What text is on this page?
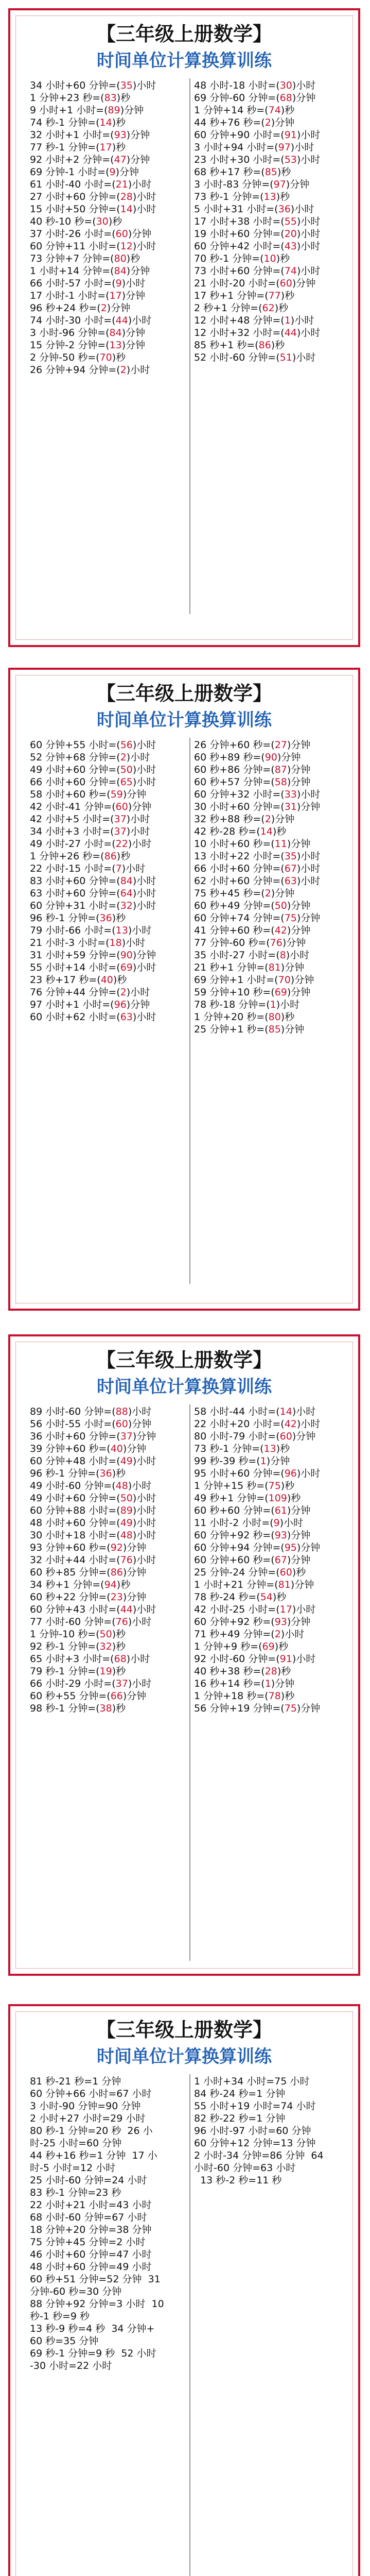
【三年级上册数学】
时间单位计算换算训练
34 小时+60 分钟=(35)小时
1 分钟+23 秒=(83)秒
9 小时+1 小时=(89)分钟
74 秒-1 分钟=(14)秒
32 小时+1 小时=(93)分钟
77 秒-1 分钟=(17)秒
92 小时+2 分钟=(47)分钟
69 分钟-1 小时=(9)分钟
61 小时-40 小时=(21)小时
27 小时+60 分钟=(28)小时
15 小时+50 分钟=(14)小时
40 秒-10 秒=(30)秒
37 小时-26 小时=(60)分钟
60 分钟+11 小时=(12)小时
73 分钟+7 分钟=(80)秒
1 小时+14 分钟=(84)分钟
66 小时-57 小时=(9)小时
17 小时-1 小时=(17)分钟
96 秒+24 秒=(2)分钟
74 小时-30 小时=(44)小时
3 小时-96 分钟=(84)分钟
15 分钟-2 分钟=(13)分钟
2 分钟-50 秒=(70)秒
26 分钟+94 分钟=(2)小时
48 小时-18 小时=(30)小时
69 分钟-60 分钟=(68)分钟
1 分钟+14 秒=(74)秒
44 秒+76 秒=(2)分钟
60 分钟+90 小时=(91)小时
3 小时+94 小时=(97)小时
23 小时+30 小时=(53)小时
68 秒+17 秒=(85)秒
3 小时-83 分钟=(97)分钟
73 秒-1 分钟=(13)秒
5 小时+31 小时=(36)小时
17 小时+38 小时=(55)小时
19 小时+60 分钟=(20)小时
60 分钟+42 小时=(43)小时
70 秒-1 分钟=(10)秒
73 小时+60 分钟=(74)小时
21 小时-20 小时=(60)分钟
17 秒+1 分钟=(77)秒
2 秒+1 分钟=(62)秒
12 小时+48 分钟=(1)小时
12 小时+32 小时=(44)小时
85 秒+1 秒=(86)秒
52 小时-60 分钟=(51)小时
【三年级上册数学】
时间单位计算换算训练
60 分钟+55 小时=(56)小时
52 分钟+68 分钟=(2)小时
49 小时+60 分钟=(50)小时
66 小时+60 分钟=(65)小时
58 小时+60 秒=(59)分钟
42 小时-41 分钟=(60)分钟
42 小时+5 小时=(37)小时
34 小时+3 小时=(37)小时
49 小时-27 小时=(22)小时
1 分钟+26 秒=(86)秒
22 小时-15 小时=(7)小时
83 小时+60 分钟=(84)小时
63 小时+60 分钟=(64)小时
60 分钟+31 小时=(32)小时
96 秒-1 分钟=(36)秒
79 小时-66 小时=(13)小时
21 小时-3 小时=(18)小时
31 小时+59 分钟=(90)分钟
55 小时+14 小时=(69)小时
23 秒+17 秒=(40)秒
76 分钟+44 分钟=(2)小时
97 小时+1 小时=(96)分钟
60 小时+62 小时=(63)小时
26 分钟+60 秒=(27)分钟
60 秒+89 秒=(90)分钟
60 秒+86 分钟=(87)分钟
60 秒+57 分钟=(58)分钟
60 分钟+32 小时=(33)小时
30 小时+60 分钟=(31)分钟
32 秒+88 秒=(2)分钟
42 秒-28 秒=(14)秒
10 小时+60 秒=(11)分钟
13 小时+22 小时=(35)小时
66 小时+60 分钟=(67)小时
62 小时+60 分钟=(63)小时
75 秒+45 秒=(2)分钟
60 秒+49 分钟=(50)分钟
60 分钟+74 分钟=(75)分钟
41 分钟+60 秒=(42)分钟
77 分钟-60 秒=(76)分钟
35 小时-27 小时=(8)小时
21 秒+1 分钟=(81)分钟
69 分钟+1 小时=(70)分钟
59 分钟+10 秒=(69)分钟
78 秒-18 分钟=(1)小时
1 分钟+20 秒=(80)秒
25 分钟+1 秒=(85)分钟
【三年级上册数学】
时间单位计算换算训练
89 小时-60 分钟=(88)小时
56 小时-55 小时=(60)分钟
36 小时+60 分钟=(37)分钟
39 分钟+60 秒=(40)分钟
60 分钟+48 小时=(49)小时
96 秒-1 分钟=(36)秒
49 小时-60 分钟=(48)小时
49 小时+60 分钟=(50)小时
60 分钟+88 小时=(89)小时
48 小时+60 分钟=(49)小时
30 小时+18 小时=(48)小时
93 分钟+60 秒=(92)分钟
32 小时+44 小时=(76)小时
60 秒+85 分钟=(86)分钟
34 秒+1 分钟=(94)秒
60 秒+22 分钟=(23)分钟
60 分钟+43 小时=(44)小时
77 小时-60 分钟=(76)小时
1 分钟-10 秒=(50)秒
92 秒-1 分钟=(32)秒
65 小时+3 小时=(68)小时
79 秒-1 分钟=(19)秒
66 小时-29 小时=(37)小时
60 秒+55 分钟=(66)分钟
98 秒-1 分钟=(38)秒
58 小时-44 小时=(14)小时
22 小时+20 小时=(42)小时
80 小时-79 小时=(60)分钟
73 秒-1 分钟=(13)秒
99 秒-39 秒=(1)分钟
95 小时+60 分钟=(96)小时
1 分钟+15 秒=(75)秒
49 秒+1 分钟=(109)秒
60 秒+60 分钟=(61)分钟
11 小时-2 小时=(9)小时
60 分钟+92 秒=(93)分钟
60 分钟+94 分钟=(95)分钟
60 分钟+60 秒=(67)分钟
25 分钟-24 分钟=(60)秒
1 小时+21 分钟=(81)分钟
78 秒-24 秒=(54)秒
42 小时-25 小时=(17)小时
60 分钟+92 秒=(93)分钟
71 秒+49 分钟=(2)小时
1 分钟+9 秒=(69)秒
92 小时-60 分钟=(91)小时
40 秒+38 秒=(28)秒
16 秒+14 秒=(1)分钟
1 分钟+18 秒=(78)秒
56 分钟+19 分钟=(75)分钟
【三年级上册数学】
时间单位计算换算训练
81 秒-21 秒=1 分钟
60 分钟+66 小时=67 小时
3 小时-90 分钟=90 分钟
2 小时+27 小时=29 小时
80 秒-1 分钟=20 秒  26 小
时-25 小时=60 分钟
44 秒+16 秒=1 分钟  17 小
时-5 小时=12 小时
25 小时-60 分钟=24 小时
83 秒-1 分钟=23 秒
22 小时+21 小时=43 小时
68 小时-60 分钟=67 小时
18 分钟+20 分钟=38 分钟
75 分钟+45 分钟=2 小时
46 小时+60 分钟=47 小时
48 小时+60 分钟=49 小时
60 秒+51 分钟=52 分钟  31
分钟-60 秒=30 分钟
88 分钟+92 分钟=3 小时  10
秒-1 秒=9 秒
13 秒-9 秒=4 秒  34 分钟+
60 秒=35 分钟
69 秒-1 分钟=9 秒  52 小时
-30 小时=22 小时
1 小时+34 小时=75 小时
84 秒-24 秒=1 分钟
55 小时+19 小时=74 小时
82 秒-22 秒=1 分钟
96 小时-97 小时=60 分钟
60 分钟+12 分钟=13 分钟
2 小时-34 分钟=86 分钟  64
小时-60 分钟=63 小时
13 秒-2 秒=11 秒
